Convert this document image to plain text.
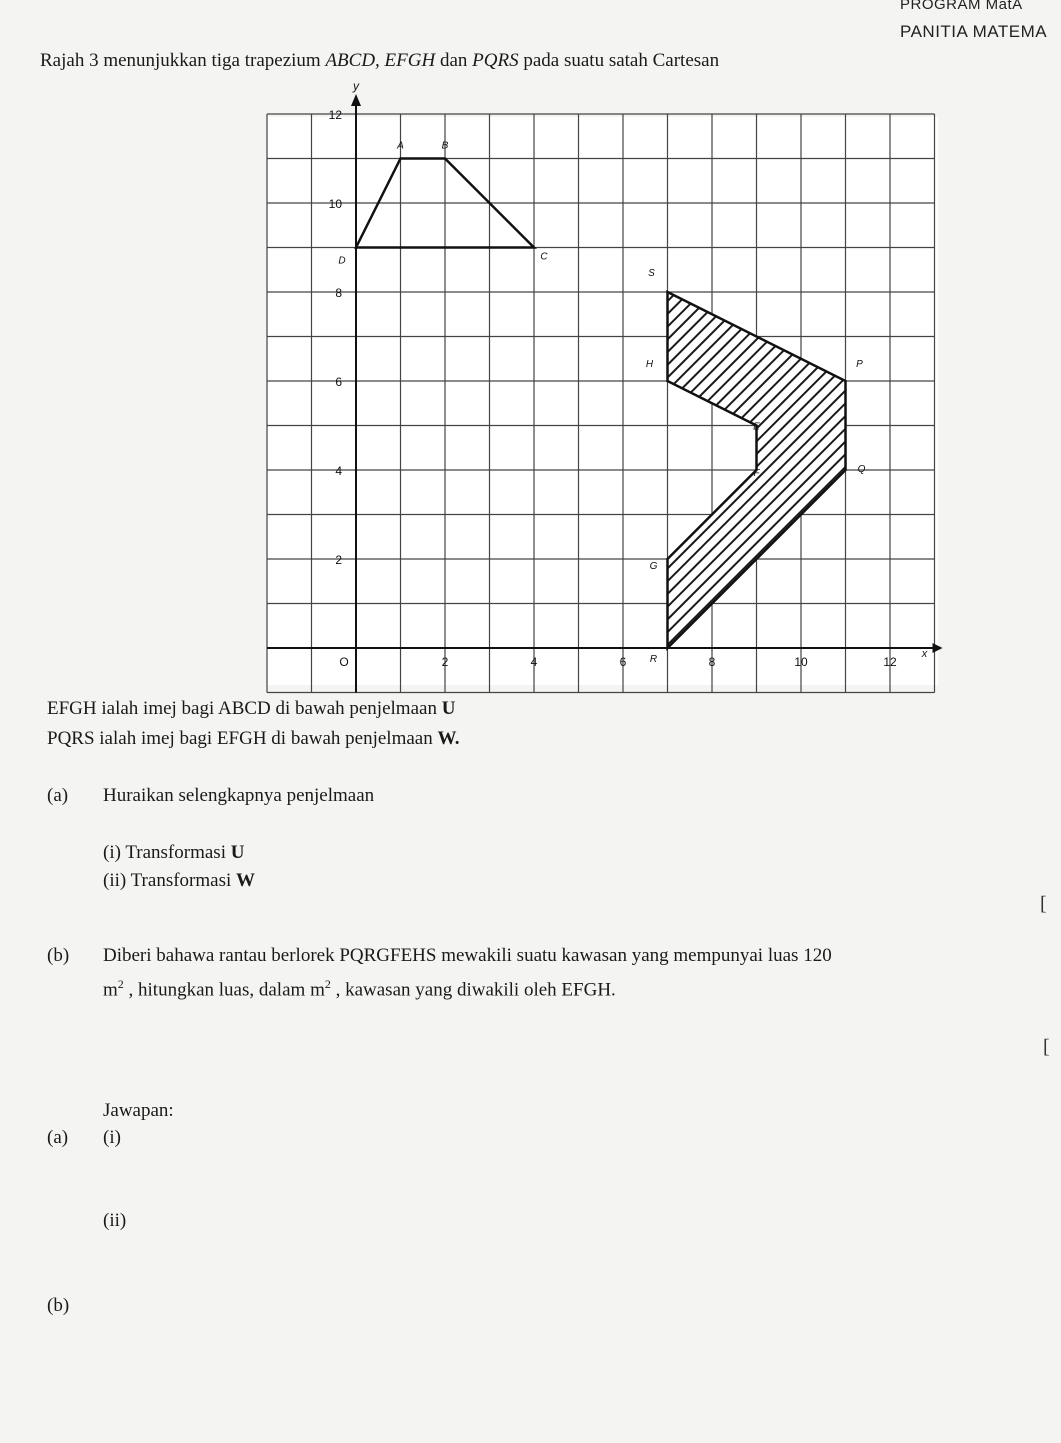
PROGRAM MatA
PANITIA MATEMA
Rajah 3 menunjukkan tiga trapezium ABCD, EFGH dan PQRS pada suatu satah Cartesan
12
10
8
6
4
2
O	2	4	6	8	10	12
y
x
A	B
C
D
E
F
G
H	P
Q
R
S
EFGH ialah imej bagi ABCD di bawah penjelmaan U
PQRS ialah imej bagi EFGH di bawah penjelmaan W.
(a) Huraikan selengkapnya penjelmaan
(i) Transformasi U
(ii) Transformasi W
[
(b) Diberi bahawa rantau berlorek PQRGFEHS mewakili suatu kawasan yang mempunyai luas 120
$m^2$ , hitungkan luas, dalam $m^2$ , kawasan yang diwakili oleh EFGH.
[
Jawapan:
(a) (i)
(ii)
(b)
